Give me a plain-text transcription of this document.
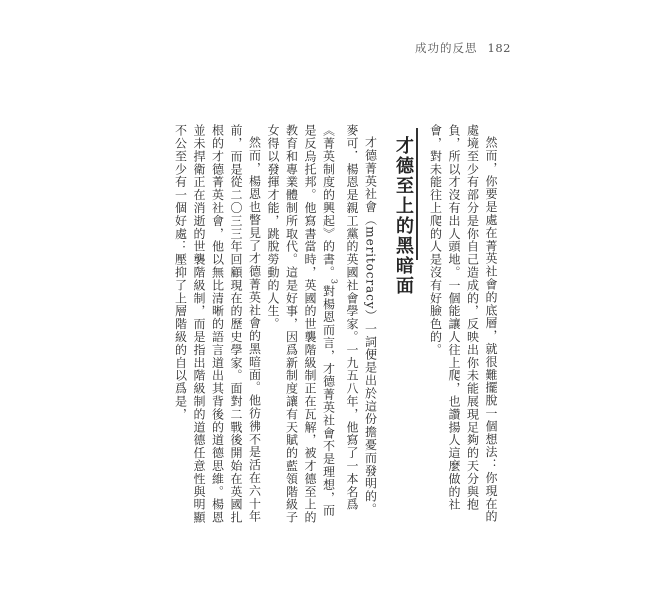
成功的反思 182

然而，你要是處在菁英社會的底層，就很難擺脫一個想法：你現在的處境至少有部分是你自己造成的，反映出你未能展現足夠的天分與抱負，所以才沒有出人頭地。一個能讓人往上爬，也讚揚人這麼做的社會，對未能往上爬的人是沒有好臉色的。

才德至上的黑暗面

才德菁英社會（meritocracy）一詞便是出於這份擔憂而發明的。麥可．楊恩是親工黨的英國社會學家。一九五八年，他寫了一本名爲《菁英制度的興起》的書。$^3$對楊恩而言，才德菁英社會不是理想，而是反烏托邦。他寫書當時，英國的世襲階級制正在瓦解，被才德至上的教育和專業體制所取代。這是好事，因爲新制度讓有天賦的藍領階級子女得以發揮才能，跳脫勞動的人生。

然而，楊恩也瞥見了才德菁英社會的黑暗面。他彷彿不是活在六十年前，而是從二〇三三年回顧現在的歷史學家。面對二戰後開始在英國扎根的才德菁英社會，他以無比清晰的語言道出其背後的道德思維。楊恩並未捍衛正在消逝的世襲階級制，而是指出階級制的道德任意性與明顯不公至少有一個好處：壓抑了上層階級的自以爲是，
